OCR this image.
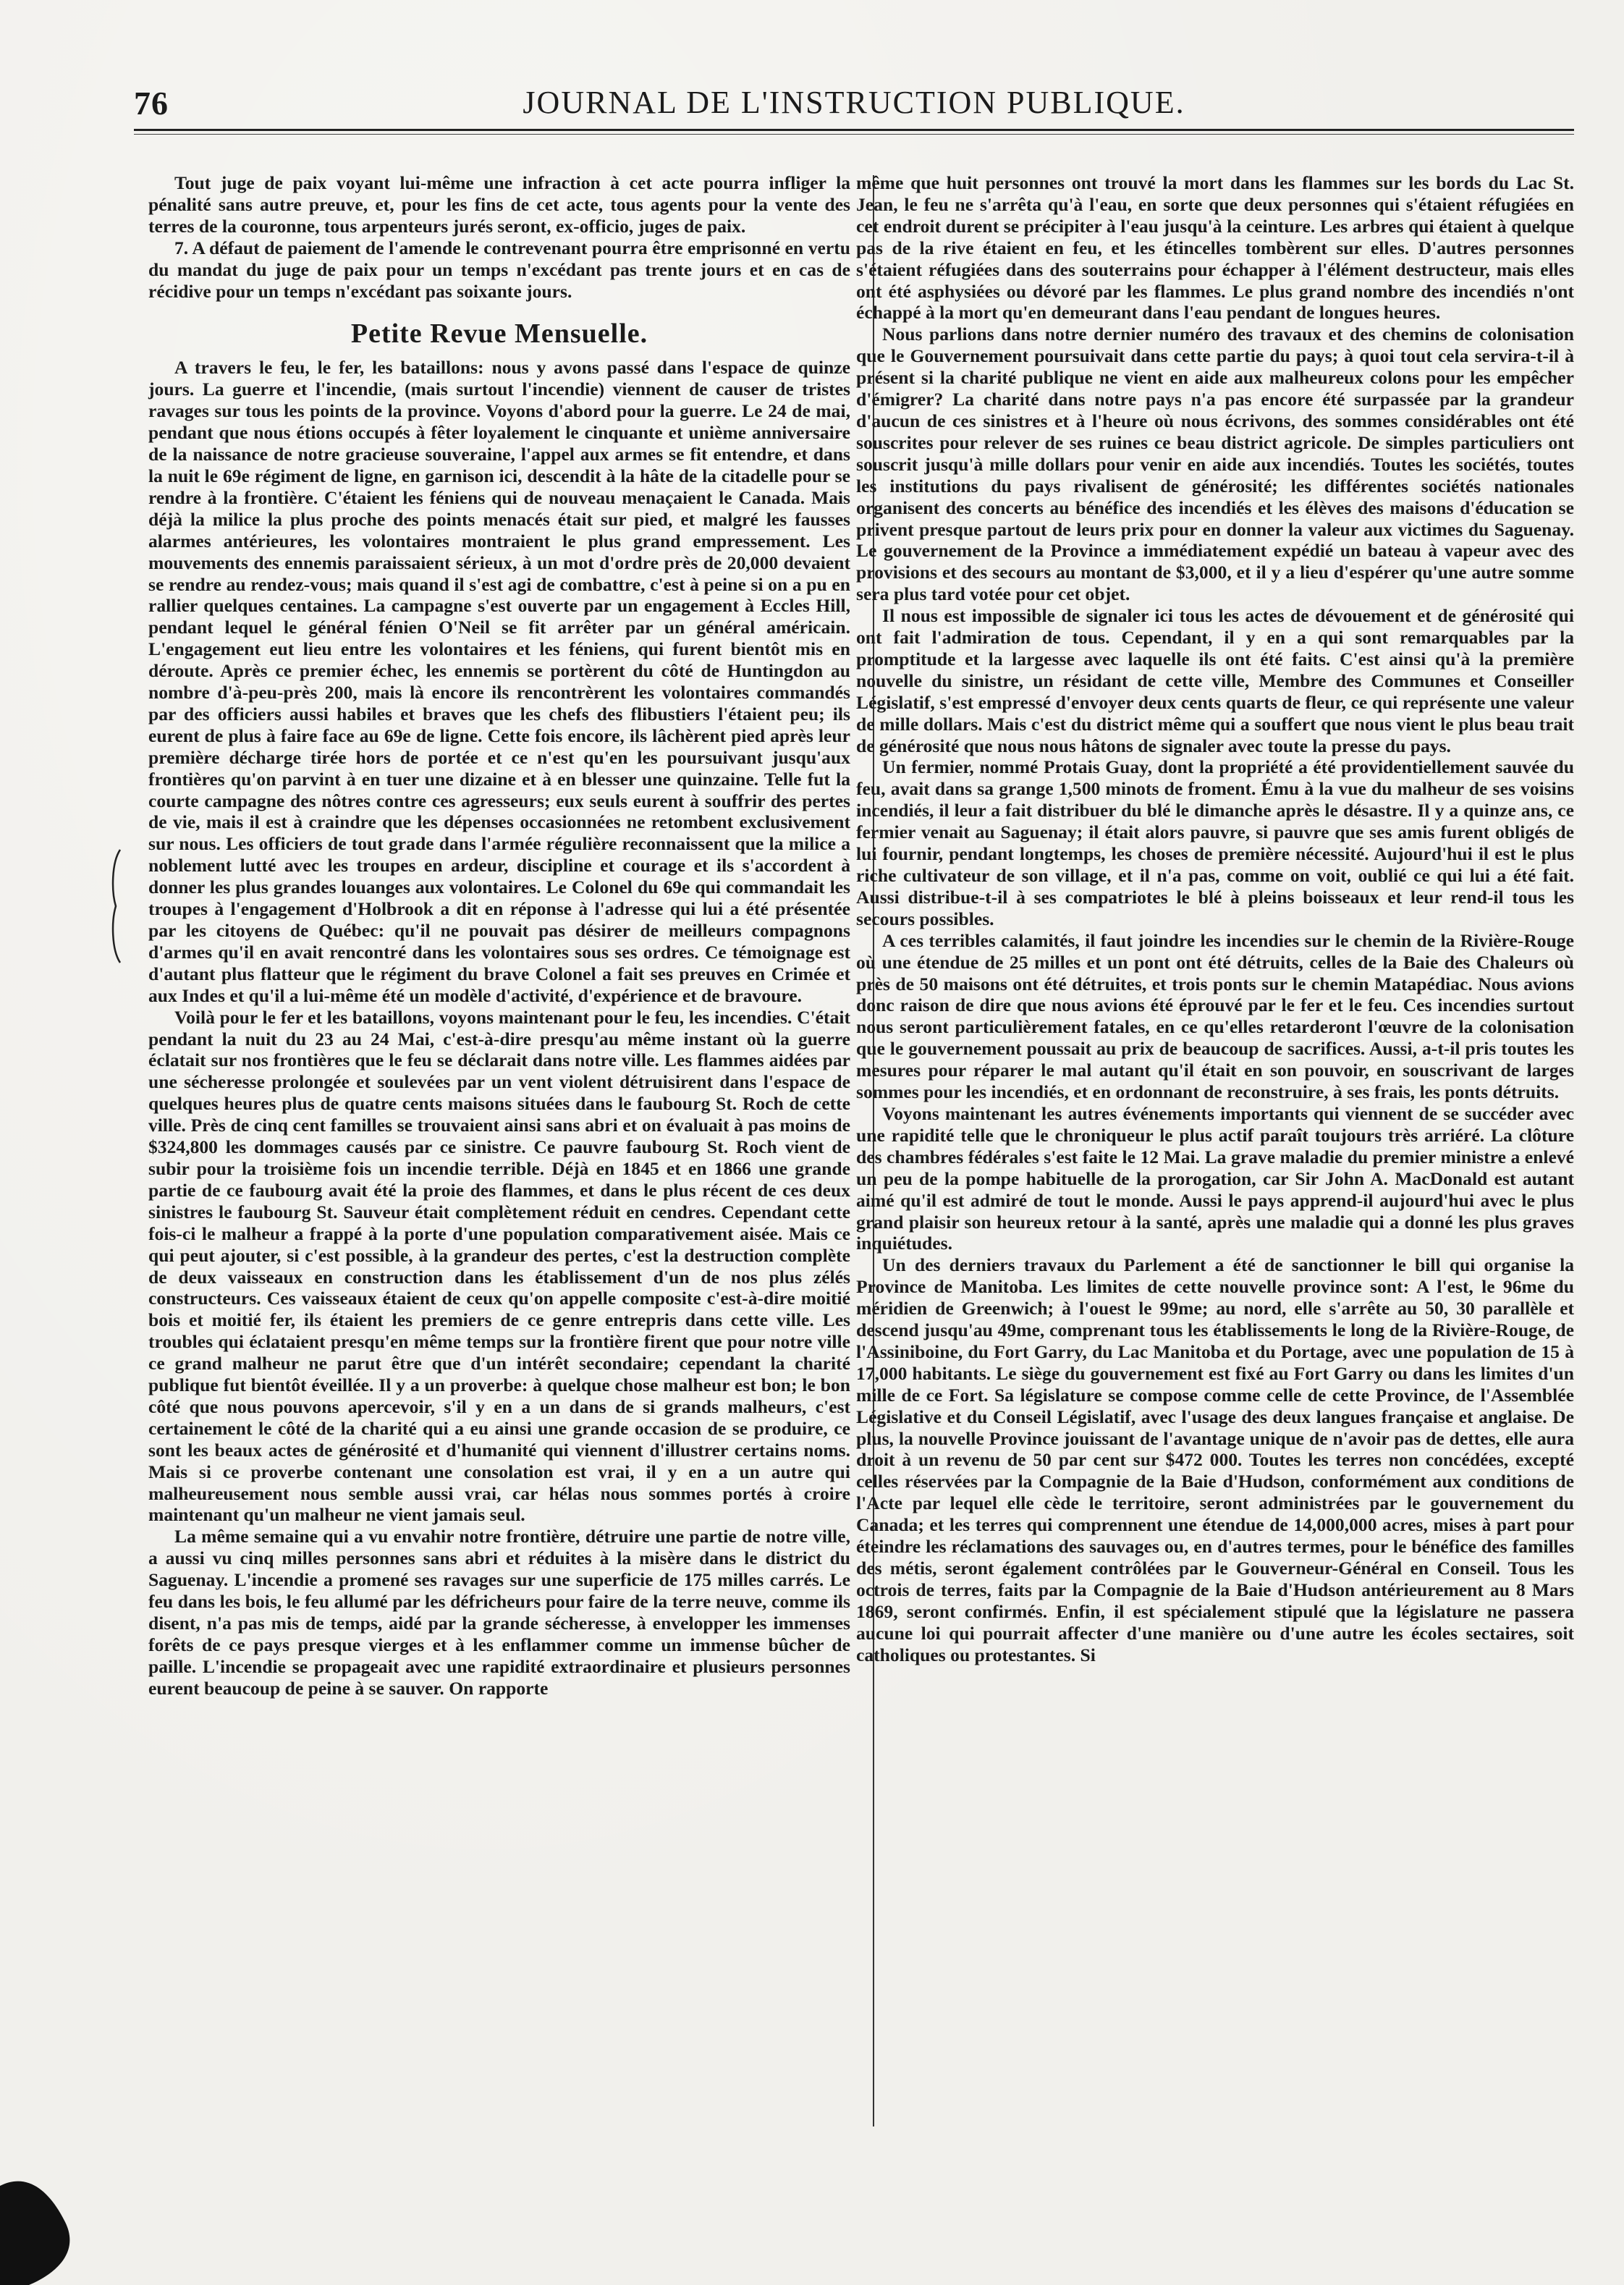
76	JOURNAL DE L'INSTRUCTION PUBLIQUE.

Tout juge de paix voyant lui-même une infraction à cet acte pourra infliger la pénalité sans autre preuve, et, pour les fins de cet acte, tous agents pour la vente des terres de la couronne, tous arpenteurs jurés seront, ex-officio, juges de paix.

7. A défaut de paiement de l'amende le contrevenant pourra être emprisonné en vertu du mandat du juge de paix pour un temps n'excédant pas trente jours et en cas de récidive pour un temps n'excédant pas soixante jours.

Petite Revue Mensuelle.

A travers le feu, le fer, les bataillons: nous y avons passé dans l'espace de quinze jours. La guerre et l'incendie, (mais surtout l'incendie) viennent de causer de tristes ravages sur tous les points de la province. Voyons d'abord pour la guerre. Le 24 de mai, pendant que nous étions occupés à fêter loyalement le cinquante et unième anniversaire de la naissance de notre gracieuse souveraine, l'appel aux armes se fit entendre, et dans la nuit le 69e régiment de ligne, en garnison ici, descendit à la hâte de la citadelle pour se rendre à la frontière. C'étaient les féniens qui de nouveau menaçaient le Canada. Mais déjà la milice la plus proche des points menacés était sur pied, et malgré les fausses alarmes antérieures, les volontaires montraient le plus grand empressement. Les mouvements des ennemis paraissaient sérieux, à un mot d'ordre près de 20,000 devaient se rendre au rendez-vous; mais quand il s'est agi de combattre, c'est à peine si on a pu en rallier quelques centaines. La campagne s'est ouverte par un engagement à Eccles Hill, pendant lequel le général fénien O'Neil se fit arrêter par un général américain. L'engagement eut lieu entre les volontaires et les féniens, qui furent bientôt mis en déroute. Après ce premier échec, les ennemis se portèrent du côté de Huntingdon au nombre d'à-peu-près 200, mais là encore ils rencontrèrent les volontaires commandés par des officiers aussi habiles et braves que les chefs des flibustiers l'étaient peu; ils eurent de plus à faire face au 69e de ligne. Cette fois encore, ils lâchèrent pied après leur première décharge tirée hors de portée et ce n'est qu'en les poursuivant jusqu'aux frontières qu'on parvint à en tuer une dizaine et à en blesser une quinzaine. Telle fut la courte campagne des nôtres contre ces agresseurs; eux seuls eurent à souffrir des pertes de vie, mais il est à craindre que les dépenses occasionnées ne retombent exclusivement sur nous. Les officiers de tout grade dans l'armée régulière reconnaissent que la milice a noblement lutté avec les troupes en ardeur, discipline et courage et ils s'accordent à donner les plus grandes louanges aux volontaires. Le Colonel du 69e qui commandait les troupes à l'engagement d'Holbrook a dit en réponse à l'adresse qui lui a été présentée par les citoyens de Québec: qu'il ne pouvait pas désirer de meilleurs compagnons d'armes qu'il en avait rencontré dans les volontaires sous ses ordres. Ce témoignage est d'autant plus flatteur que le régiment du brave Colonel a fait ses preuves en Crimée et aux Indes et qu'il a lui-même été un modèle d'activité, d'expérience et de bravoure.

Voilà pour le fer et les bataillons, voyons maintenant pour le feu, les incendies. C'était pendant la nuit du 23 au 24 Mai, c'est-à-dire presqu'au même instant où la guerre éclatait sur nos frontières que le feu se déclarait dans notre ville. Les flammes aidées par une sécheresse prolongée et soulevées par un vent violent détruisirent dans l'espace de quelques heures plus de quatre cents maisons situées dans le faubourg St. Roch de cette ville. Près de cinq cent familles se trouvaient ainsi sans abri et on évaluait à pas moins de $324,800 les dommages causés par ce sinistre. Ce pauvre faubourg St. Roch vient de subir pour la troisième fois un incendie terrible. Déjà en 1845 et en 1866 une grande partie de ce faubourg avait été la proie des flammes, et dans le plus récent de ces deux sinistres le faubourg St. Sauveur était complètement réduit en cendres. Cependant cette fois-ci le malheur a frappé à la porte d'une population comparativement aisée. Mais ce qui peut ajouter, si c'est possible, à la grandeur des pertes, c'est la destruction complète de deux vaisseaux en construction dans les établissement d'un de nos plus zélés constructeurs. Ces vaisseaux étaient de ceux qu'on appelle composite c'est-à-dire moitié bois et moitié fer, ils étaient les premiers de ce genre entrepris dans cette ville. Les troubles qui éclataient presqu'en même temps sur la frontière firent que pour notre ville ce grand malheur ne parut être que d'un intérêt secondaire; cependant la charité publique fut bientôt éveillée. Il y a un proverbe: à quelque chose malheur est bon; le bon côté que nous pouvons apercevoir, s'il y en a un dans de si grands malheurs, c'est certainement le côté de la charité qui a eu ainsi une grande occasion de se produire, ce sont les beaux actes de générosité et d'humanité qui viennent d'illustrer certains noms. Mais si ce proverbe contenant une consolation est vrai, il y en a un autre qui malheureusement nous semble aussi vrai, car hélas nous sommes portés à croire maintenant qu'un malheur ne vient jamais seul.

La même semaine qui a vu envahir notre frontière, détruire une partie de notre ville, a aussi vu cinq milles personnes sans abri et réduites à la misère dans le district du Saguenay. L'incendie a promené ses ravages sur une superficie de 175 milles carrés. Le feu dans les bois, le feu allumé par les défricheurs pour faire de la terre neuve, comme ils disent, n'a pas mis de temps, aidé par la grande sécheresse, à envelopper les immenses forêts de ce pays presque vierges et à les enflammer comme un immense bûcher de paille. L'incendie se propageait avec une rapidité extraordinaire et plusieurs personnes eurent beaucoup de peine à se sauver. On rapporte

même que huit personnes ont trouvé la mort dans les flammes sur les bords du Lac St. Jean, le feu ne s'arrêta qu'à l'eau, en sorte que deux personnes qui s'étaient réfugiées en cet endroit durent se précipiter à l'eau jusqu'à la ceinture. Les arbres qui étaient à quelque pas de la rive étaient en feu, et les étincelles tombèrent sur elles. D'autres personnes s'étaient réfugiées dans des souterrains pour échapper à l'élément destructeur, mais elles ont été asphysiées ou dévoré par les flammes. Le plus grand nombre des incendiés n'ont échappé à la mort qu'en demeurant dans l'eau pendant de longues heures.

Nous parlions dans notre dernier numéro des travaux et des chemins de colonisation que le Gouvernement poursuivait dans cette partie du pays; à quoi tout cela servira-t-il à présent si la charité publique ne vient en aide aux malheureux colons pour les empêcher d'émigrer? La charité dans notre pays n'a pas encore été surpassée par la grandeur d'aucun de ces sinistres et à l'heure où nous écrivons, des sommes considérables ont été souscrites pour relever de ses ruines ce beau district agricole. De simples particuliers ont souscrit jusqu'à mille dollars pour venir en aide aux incendiés. Toutes les sociétés, toutes les institutions du pays rivalisent de générosité; les différentes sociétés nationales organisent des concerts au bénéfice des incendiés et les élèves des maisons d'éducation se privent presque partout de leurs prix pour en donner la valeur aux victimes du Saguenay. Le gouvernement de la Province a immédiatement expédié un bateau à vapeur avec des provisions et des secours au montant de $3,000, et il y a lieu d'espérer qu'une autre somme sera plus tard votée pour cet objet.

Il nous est impossible de signaler ici tous les actes de dévouement et de générosité qui ont fait l'admiration de tous. Cependant, il y en a qui sont remarquables par la promptitude et la largesse avec laquelle ils ont été faits. C'est ainsi qu'à la première nouvelle du sinistre, un résidant de cette ville, Membre des Communes et Conseiller Législatif, s'est empressé d'envoyer deux cents quarts de fleur, ce qui représente une valeur de mille dollars. Mais c'est du district même qui a souffert que nous vient le plus beau trait de générosité que nous nous hâtons de signaler avec toute la presse du pays.

Un fermier, nommé Protais Guay, dont la propriété a été providentiellement sauvée du feu, avait dans sa grange 1,500 minots de froment. Ému à la vue du malheur de ses voisins incendiés, il leur a fait distribuer du blé le dimanche après le désastre. Il y a quinze ans, ce fermier venait au Saguenay; il était alors pauvre, si pauvre que ses amis furent obligés de lui fournir, pendant longtemps, les choses de première nécessité. Aujourd'hui il est le plus riche cultivateur de son village, et il n'a pas, comme on voit, oublié ce qui lui a été fait. Aussi distribue-t-il à ses compatriotes le blé à pleins boisseaux et leur rend-il tous les secours possibles.

A ces terribles calamités, il faut joindre les incendies sur le chemin de la Rivière-Rouge où une étendue de 25 milles et un pont ont été détruits, celles de la Baie des Chaleurs où près de 50 maisons ont été détruites, et trois ponts sur le chemin Matapédiac. Nous avions donc raison de dire que nous avions été éprouvé par le fer et le feu. Ces incendies surtout nous seront particulièrement fatales, en ce qu'elles retarderont l'œuvre de la colonisation que le gouvernement poussait au prix de beaucoup de sacrifices. Aussi, a-t-il pris toutes les mesures pour réparer le mal autant qu'il était en son pouvoir, en souscrivant de larges sommes pour les incendiés, et en ordonnant de reconstruire, à ses frais, les ponts détruits.

Voyons maintenant les autres événements importants qui viennent de se succéder avec une rapidité telle que le chroniqueur le plus actif paraît toujours très arriéré. La clôture des chambres fédérales s'est faite le 12 Mai. La grave maladie du premier ministre a enlevé un peu de la pompe habituelle de la prorogation, car Sir John A. MacDonald est autant aimé qu'il est admiré de tout le monde. Aussi le pays apprend-il aujourd'hui avec le plus grand plaisir son heureux retour à la santé, après une maladie qui a donné les plus graves inquiétudes.

Un des derniers travaux du Parlement a été de sanctionner le bill qui organise la Province de Manitoba. Les limites de cette nouvelle province sont: A l'est, le 96me du méridien de Greenwich; à l'ouest le 99me; au nord, elle s'arrête au 50, 30 parallèle et descend jusqu'au 49me, comprenant tous les établissements le long de la Rivière-Rouge, de l'Assiniboine, du Fort Garry, du Lac Manitoba et du Portage, avec une population de 15 à 17,000 habitants. Le siège du gouvernement est fixé au Fort Garry ou dans les limites d'un mille de ce Fort. Sa législature se compose comme celle de cette Province, de l'Assemblée Législative et du Conseil Législatif, avec l'usage des deux langues française et anglaise. De plus, la nouvelle Province jouissant de l'avantage unique de n'avoir pas de dettes, elle aura droit à un revenu de 50 par cent sur $472 000. Toutes les terres non concédées, excepté celles réservées par la Compagnie de la Baie d'Hudson, conformément aux conditions de l'Acte par lequel elle cède le territoire, seront administrées par le gouvernement du Canada; et les terres qui comprennent une étendue de 14,000,000 acres, mises à part pour éteindre les réclamations des sauvages ou, en d'autres termes, pour le bénéfice des familles des métis, seront également contrôlées par le Gouverneur-Général en Conseil. Tous les octrois de terres, faits par la Compagnie de la Baie d'Hudson antérieurement au 8 Mars 1869, seront confirmés. Enfin, il est spécialement stipulé que la législature ne passera aucune loi qui pourrait affecter d'une manière ou d'une autre les écoles sectaires, soit catholiques ou protestantes. Si
